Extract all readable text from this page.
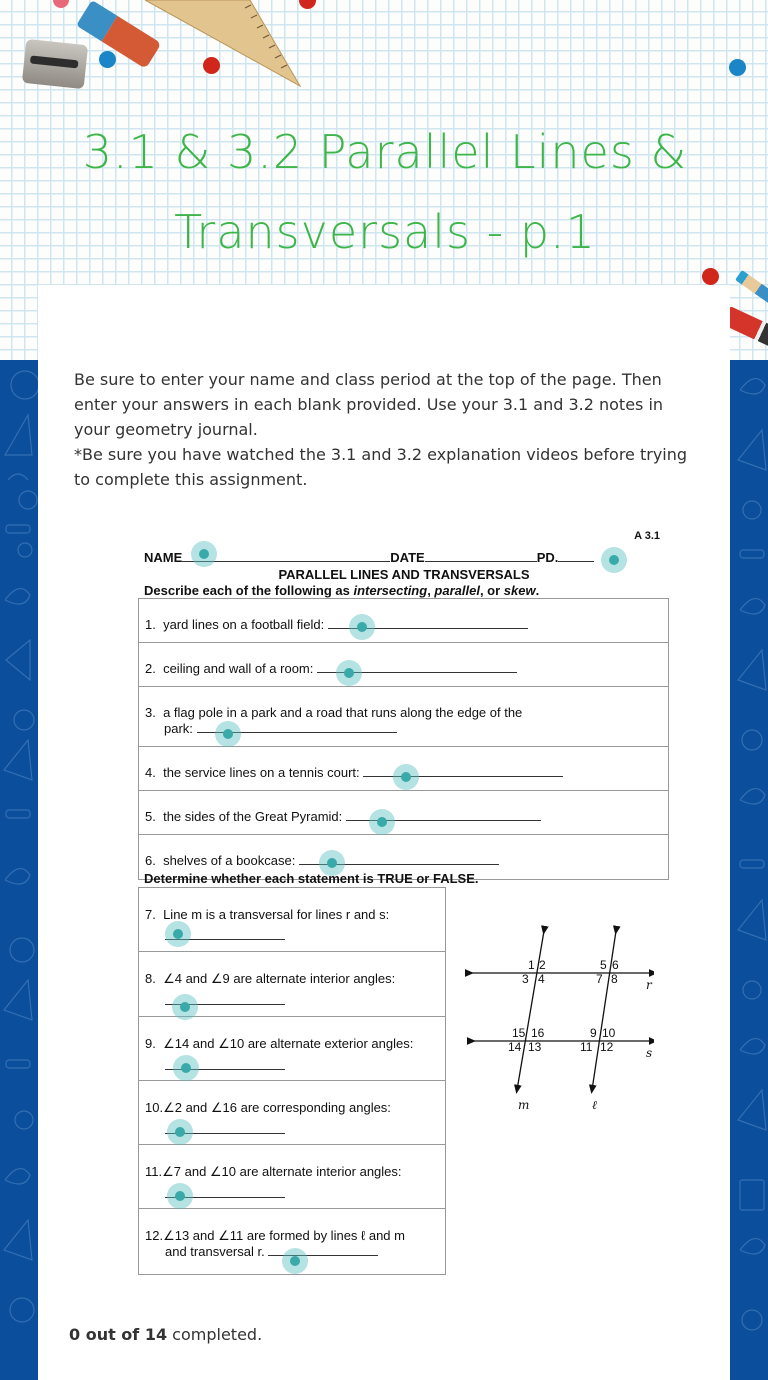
3.1 & 3.2 Parallel Lines & Transversals - p.1

Be sure to enter your name and class period at the top of the page. Then enter your answers in each blank provided. Use your 3.1 and 3.2 notes in your geometry journal.

*Be sure you have watched the 3.1 and 3.2 explanation videos before trying to complete this assignment.

A 3.1
NAME	DATE	PD.
PARALLEL LINES AND TRANSVERSALS
Describe each of the following as intersecting, parallel, or skew.
1. yard lines on a football field:
2. ceiling and wall of a room:
3. a flag pole in a park and a road that runs along the edge of the
park:
4. the service lines on a tennis court:
5. the sides of the Great Pyramid:
6. shelves of a bookcase:
Determine whether each statement is TRUE or FALSE.
7. Line m is a transversal for lines r and s:
8. ∠4 and ∠9 are alternate interior angles:
9. ∠14 and ∠10 are alternate exterior angles:
10.∠2 and ∠16 are corresponding angles:
11.∠7 and ∠10 are alternate interior angles:
12.∠13 and ∠11 are formed by lines ℓ and m
and transversal r.
1 2
3 4
5 6
7 8
15 16
14 13
9 10
11 12
r
s
m	ℓ
0 out of 14 completed.
